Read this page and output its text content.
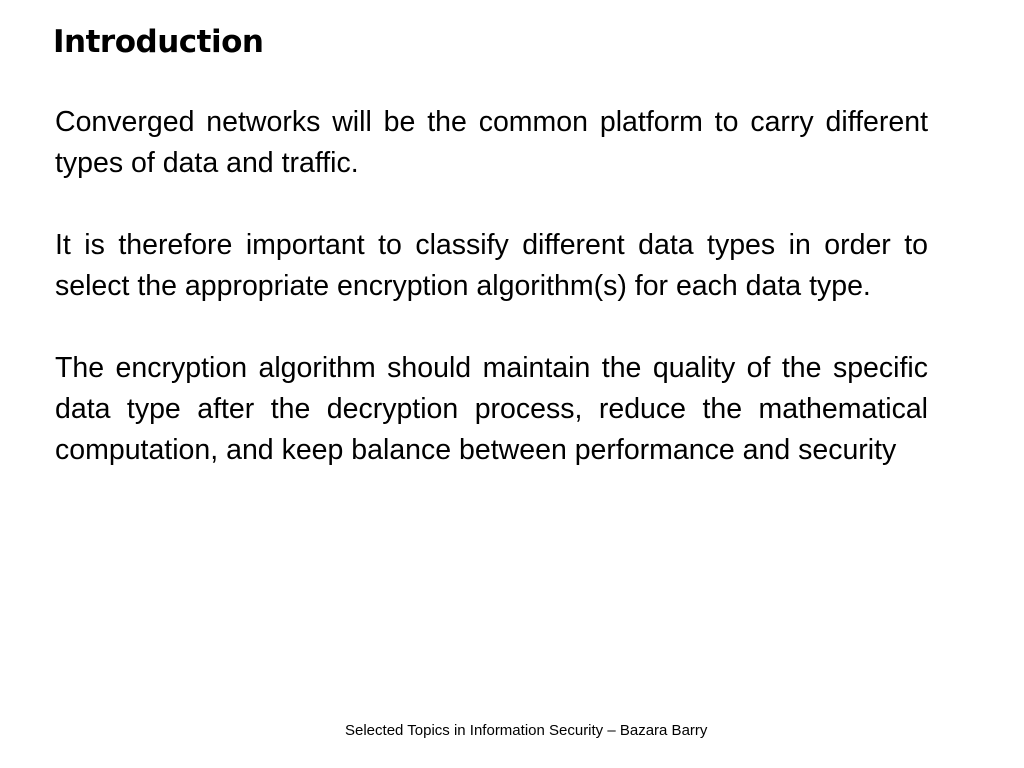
Introduction

Converged networks will be the common platform to carry different types of data and traffic.

It is therefore important to classify different data types in order to select the appropriate encryption algorithm(s) for each data type.

The encryption algorithm should maintain the quality of the specific data type after the decryption process, reduce the mathematical computation, and keep balance between performance and security

Selected Topics in Information Security – Bazara Barry
